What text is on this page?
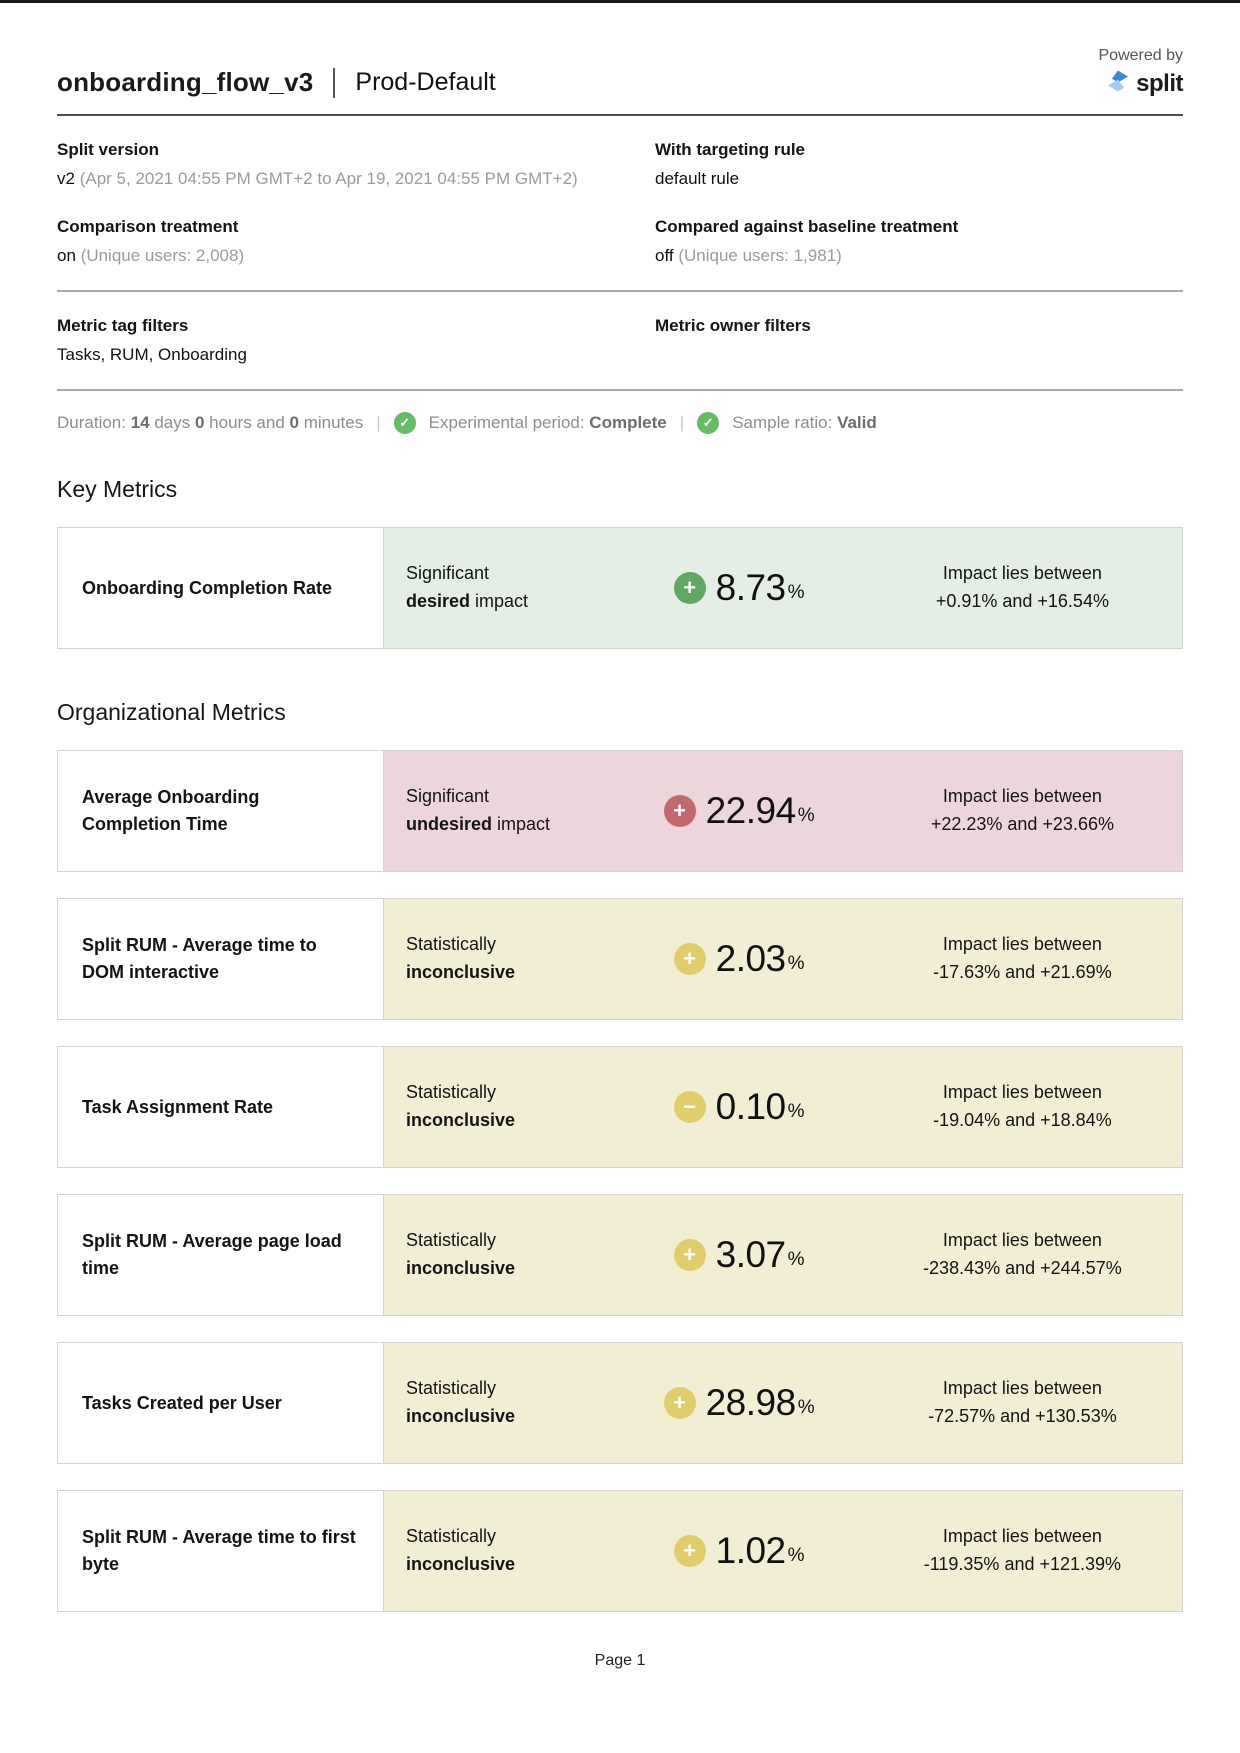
onboarding_flow_v3 Prod-Default
Powered by
split
Split version
v2 (Apr 5, 2021 04:55 PM GMT+2 to Apr 19, 2021 04:55 PM GMT+2)
With targeting rule
default rule
Comparison treatment
on (Unique users: 2,008)
Compared against baseline treatment
off (Unique users: 1,981)
Metric tag filters
Tasks, RUM, Onboarding
Metric owner filters
Duration: 14 days 0 hours and 0 minutes |	✓	Experimental period: Complete |	✓	Sample ratio: Valid
Key Metrics
Onboarding Completion Rate
Significant
desired impact
+ 8.73 %
Impact lies between
+0.91% and +16.54%
Organizational Metrics
Average Onboarding Completion Time
Significant
undesired impact
+ 22.94 %
Impact lies between
+22.23% and +23.66%
Split RUM - Average time to DOM interactive
Statistically
inconclusive
+ 2.03 %
Impact lies between
-17.63% and +21.69%
Task Assignment Rate
Statistically
inconclusive
− 0.10 %
Impact lies between
-19.04% and +18.84%
Split RUM - Average page load time
Statistically
inconclusive
+ 3.07 %
Impact lies between
-238.43% and +244.57%
Tasks Created per User
Statistically
inconclusive
+ 28.98 %
Impact lies between
-72.57% and +130.53%
Split RUM - Average time to first byte
Statistically
inconclusive
+ 1.02 %
Impact lies between
-119.35% and +121.39%
Page 1
